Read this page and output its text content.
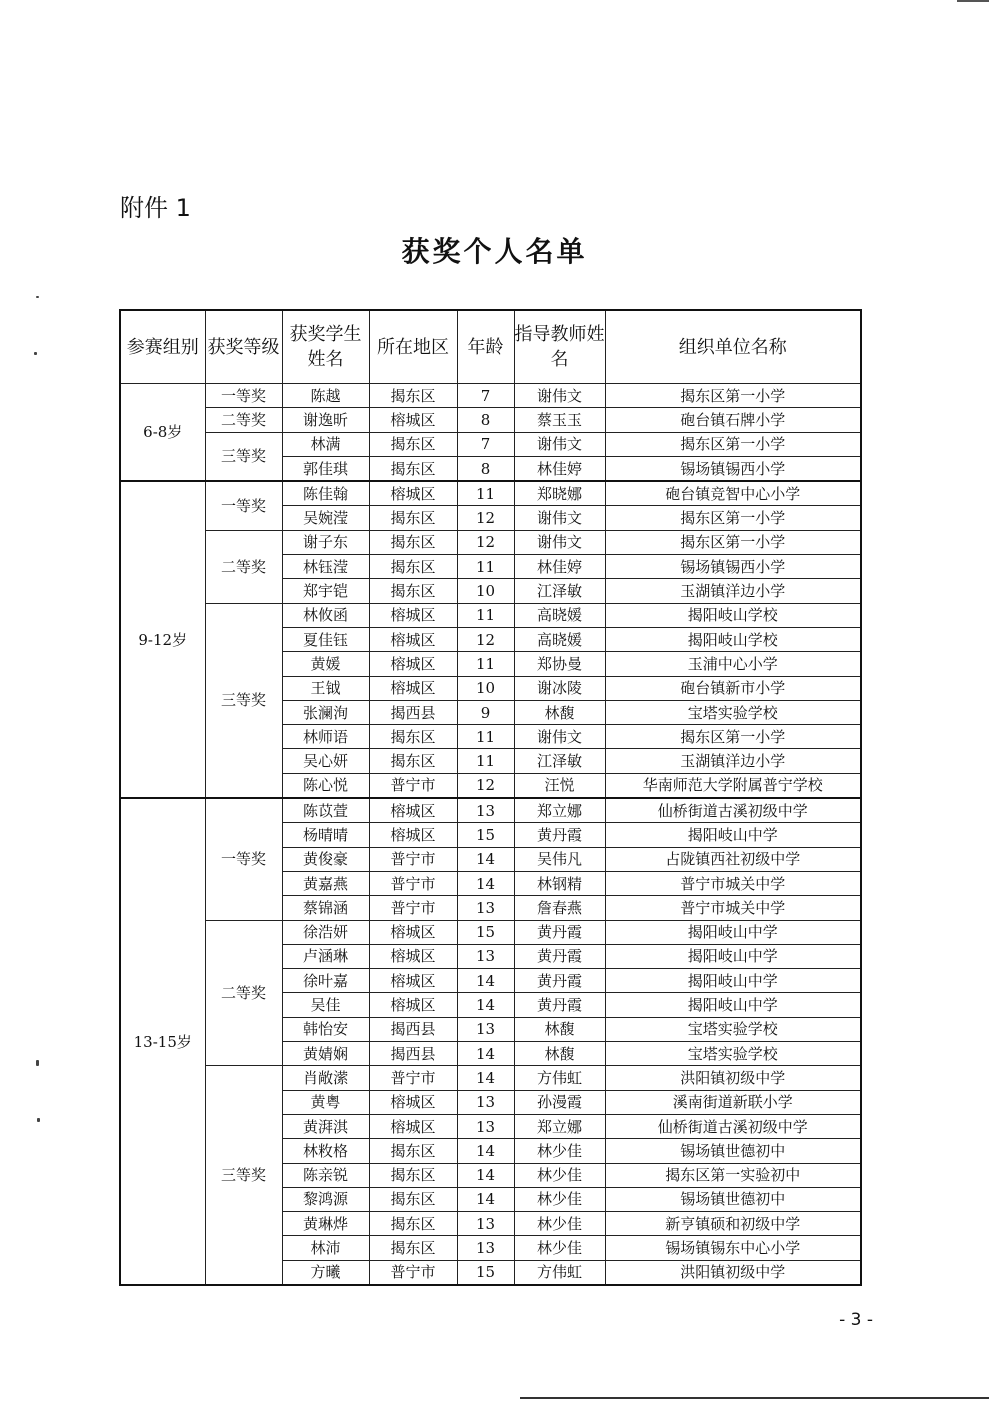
附件 1
获奖个人名单
参赛组别	获奖等级	获奖学生姓名	所在地区	年龄	指导教师姓名	组织单位名称
6-8岁	一等奖	陈越	揭东区	7	谢伟文	揭东区第一小学
	二等奖	谢逸昕	榕城区	8	蔡玉玉	砲台镇石牌小学
	三等奖	林满	揭东区	7	谢伟文	揭东区第一小学
		郭佳琪	揭东区	8	林佳婷	锡场镇锡西小学
9-12岁	一等奖	陈佳翰	榕城区	11	郑晓娜	砲台镇竞智中心小学
		吴婉滢	揭东区	12	谢伟文	揭东区第一小学
	二等奖	谢子东	揭东区	12	谢伟文	揭东区第一小学
		林钰滢	揭东区	11	林佳婷	锡场镇锡西小学
		郑宇铠	揭东区	10	江泽敏	玉湖镇洋边小学
	三等奖	林攸函	榕城区	11	高晓媛	揭阳岐山学校
		夏佳钰	榕城区	12	高晓媛	揭阳岐山学校
		黄媛	榕城区	11	郑协曼	玉浦中心小学
		王钺	榕城区	10	谢冰陵	砲台镇新市小学
		张澜洵	揭西县	9	林馥	宝塔实验学校
		林师语	揭东区	11	谢伟文	揭东区第一小学
		吴心妍	揭东区	11	江泽敏	玉湖镇洋边小学
		陈心悦	普宁市	12	汪悦	华南师范大学附属普宁学校
13-15岁	一等奖	陈苡萱	榕城区	13	郑立娜	仙桥街道古溪初级中学
		杨晴晴	榕城区	15	黄丹霞	揭阳岐山中学
		黄俊豪	普宁市	14	吴伟凡	占陇镇西社初级中学
		黄嘉燕	普宁市	14	林钢精	普宁市城关中学
		蔡锦涵	普宁市	13	詹春燕	普宁市城关中学
	二等奖	徐浩妍	榕城区	15	黄丹霞	揭阳岐山中学
		卢涵琳	榕城区	13	黄丹霞	揭阳岐山中学
		徐叶嘉	榕城区	14	黄丹霞	揭阳岐山中学
		吴佳	榕城区	14	黄丹霞	揭阳岐山中学
		韩怡安	揭西县	13	林馥	宝塔实验学校
		黄婧娴	揭西县	14	林馥	宝塔实验学校
	三等奖	肖敞潆	普宁市	14	方伟虹	洪阳镇初级中学
		黄粤	榕城区	13	孙漫霞	溪南街道新联小学
		黄湃淇	榕城区	13	郑立娜	仙桥街道古溪初级中学
		林敉格	揭东区	14	林少佳	锡场镇世德初中
		陈亲锐	揭东区	14	林少佳	揭东区第一实验初中
		黎鸿源	揭东区	14	林少佳	锡场镇世德初中
		黄琳烨	揭东区	13	林少佳	新亨镇硕和初级中学
		林沛	揭东区	13	林少佳	锡场镇锡东中心小学
		方曦	普宁市	15	方伟虹	洪阳镇初级中学
- 3 -
